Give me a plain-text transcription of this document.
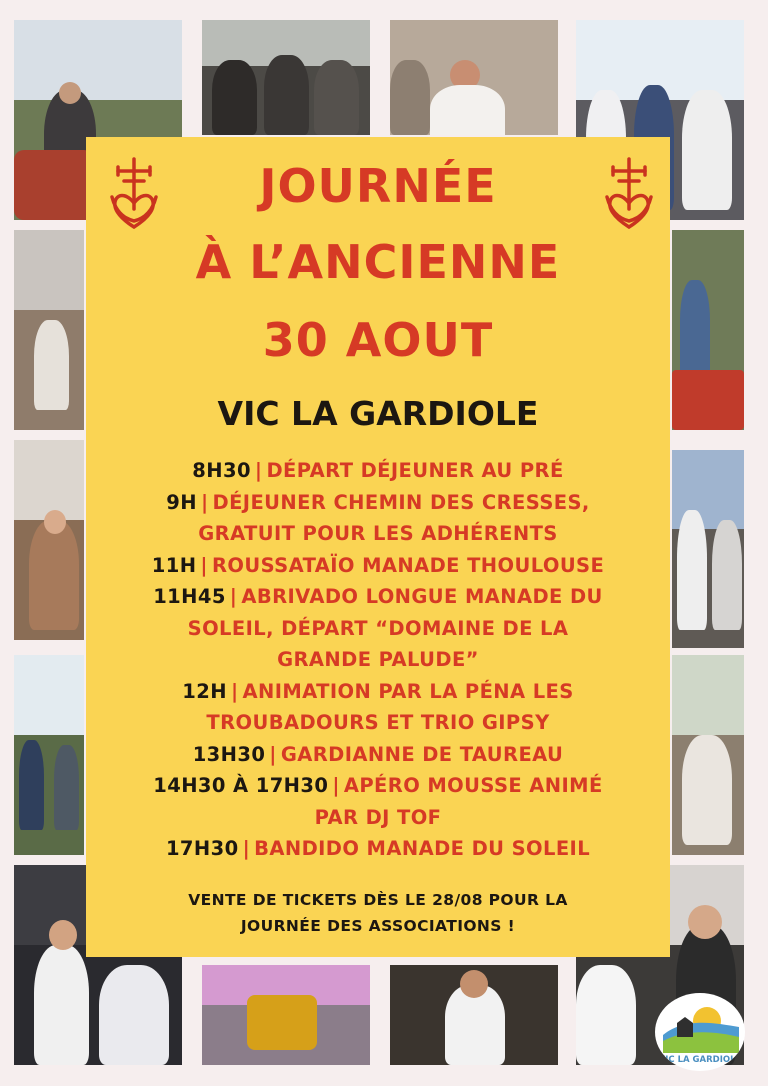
JOURNÉE
À L’ANCIENNE
30 AOUT
VIC LA GARDIOLE
8H30 | DÉPART DÉJEUNER AU PRÉ
9H | DÉJEUNER CHEMIN DES CRESSES,
GRATUIT POUR LES ADHÉRENTS
11H | ROUSSATAÏO MANADE THOULOUSE
11H45 | ABRIVADO LONGUE MANADE DU
SOLEIL, DÉPART “DOMAINE DE LA
GRANDE PALUDE”
12H | ANIMATION PAR LA PÉNA LES
TROUBADOURS ET TRIO GIPSY
13H30 | GARDIANNE DE TAUREAU
14H30 À 17H30 | APÉRO MOUSSE ANIMÉ
PAR DJ TOF
17H30 | BANDIDO MANADE DU SOLEIL
VENTE DE TICKETS DÈS LE 28/08 POUR LA
JOURNÉE DES ASSOCIATIONS !
VIC LA GARDIOLE
